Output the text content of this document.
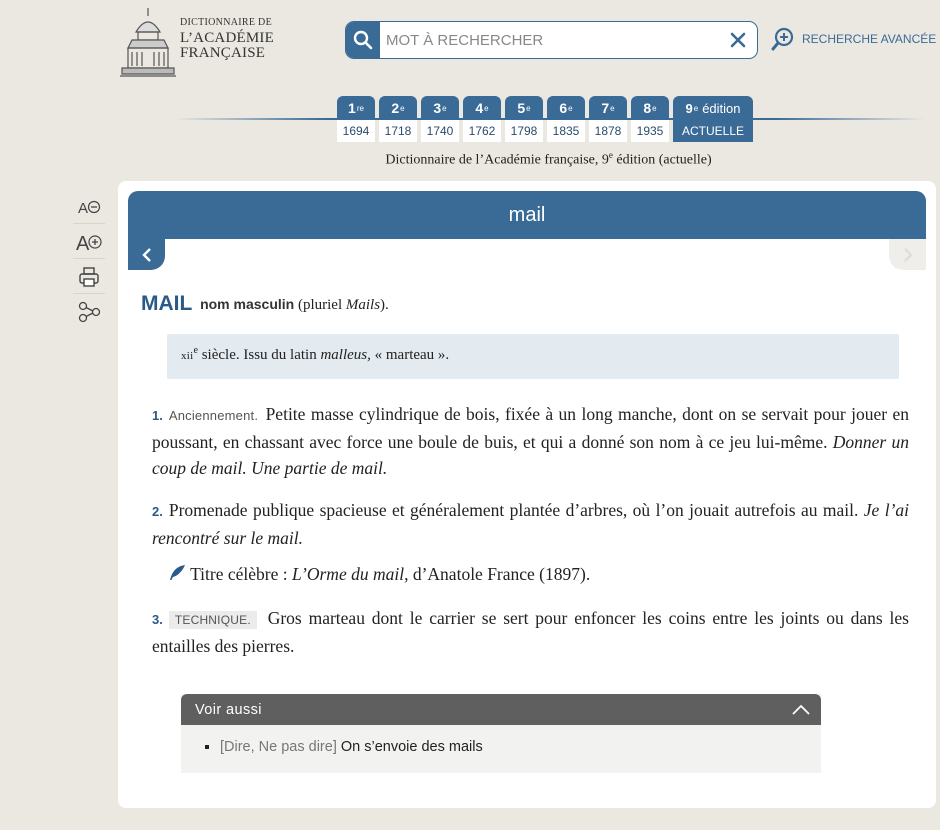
DICTIONNAIRE DE
L’ACADÉMIE
FRANÇAISE
MOT À RECHERCHER
RECHERCHE AVANCÉE
1 re
1694
2 e
1718
3 e
1740
4 e
1762
5 e
1798
6 e
1835
7 e
1878
8 e
1935
9 e édition
ACTUELLE
Dictionnaire de l’Académie française, 9e édition (actuelle)
A
A
mail
MAIL nom masculin (pluriel Mails).
xii$^e$ siècle. Issu du latin malleus, « marteau ».
1. Anciennement. Petite masse cylindrique de bois, fixée à un long manche, dont on se servait pour jouer en poussant, en chassant avec force une boule de buis, et qui a donné son nom à ce jeu lui-même. Donner un coup de mail. Une partie de mail.
2. Promenade publique spacieuse et généralement plantée d’arbres, où l’on jouait autrefois au mail. Je l’ai rencontré sur le mail.
Titre célèbre : L’Orme du mail, d’Anatole France (1897).
3. TECHNIQUE. Gros marteau dont le carrier se sert pour enfoncer les coins entre les joints ou dans les entailles des pierres.
Voir aussi
▪ [Dire, Ne pas dire] On s’envoie des mails
